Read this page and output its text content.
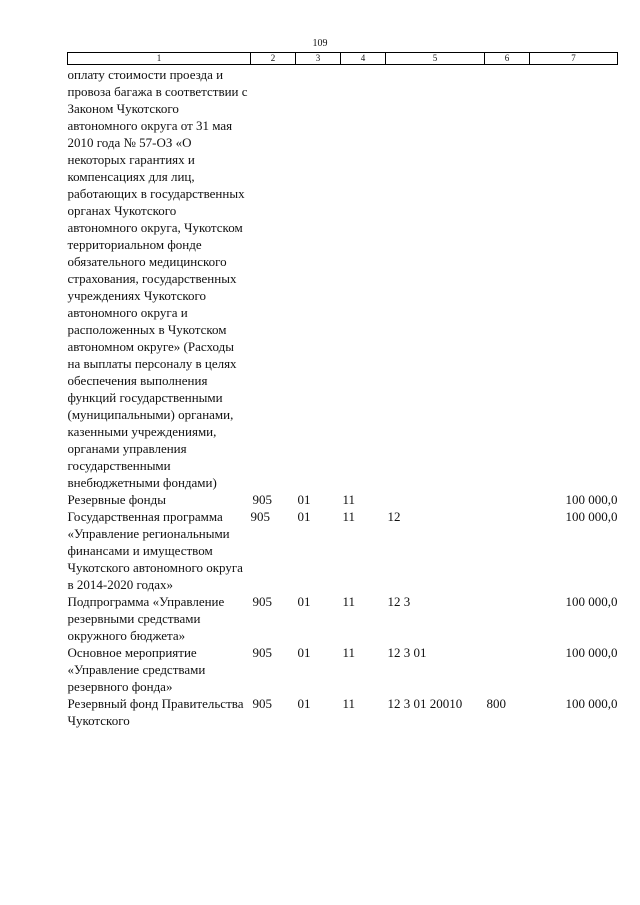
109
1	2	3	4	5	6	7
оплату стоимости проезда и провоза багажа в соответствии с Законом Чукотского автономного округа от 31 мая 2010 года № 57-ОЗ «О некоторых гарантиях и компенсациях для лиц, работающих в государственных органах Чукотского автономного округа, Чукотском территориальном фонде обязательного медицинского страхования, государственных учреждениях Чукотского автономного округа и расположенных в Чукотском автономном округе» (Расходы на выплаты персоналу в целях обеспечения выполнения функций государственными (муниципальными) органами, казенными учреждениями, органами управления государственными внебюджетными фондами)						
Резервные фонды	905	01	11			100 000,0
Государственная программа «Управление региональными финансами и имуществом Чукотского автономного округа в 2014-2020 годах»	905	01	11	12		100 000,0
Подпрограмма «Управление резервными средствами окружного бюджета»	905	01	11	12 3		100 000,0
Основное мероприятие «Управление средствами резервного фонда»	905	01	11	12 3 01		100 000,0
Резервный фонд Правительства Чукотского	905	01	11	12 3 01 20010	800	100 000,0
